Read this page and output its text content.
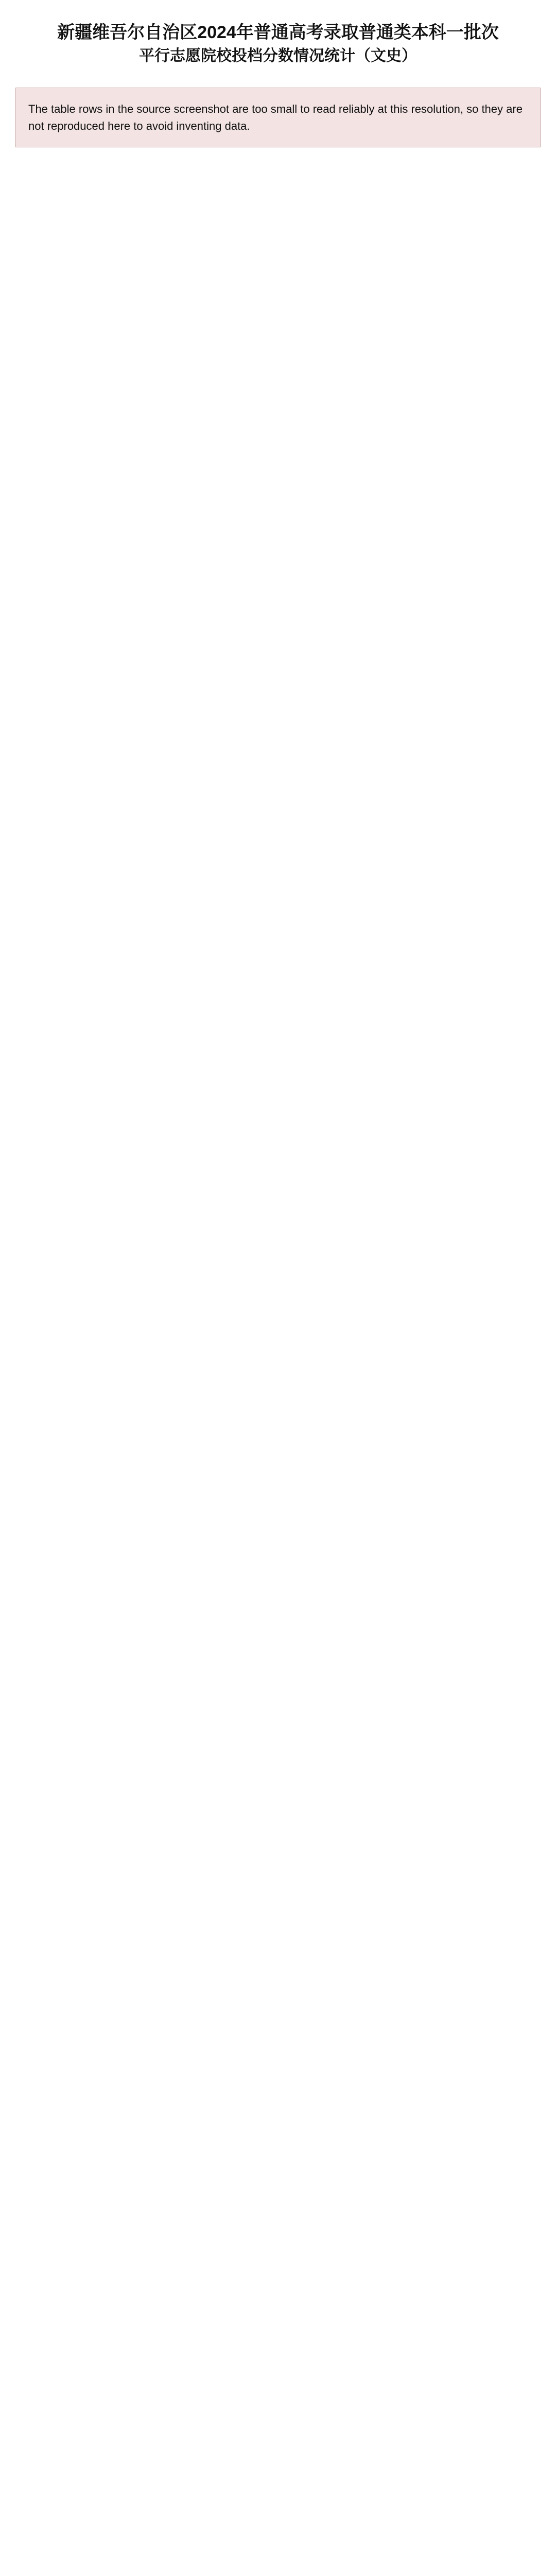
新疆维吾尔自治区2024年普通高考录取普通类本科一批次
平行志愿院校投档分数情况统计（文史）
The table rows in the source screenshot are too small to read reliably at this resolution, so they are not reproduced here to avoid inventing data.
